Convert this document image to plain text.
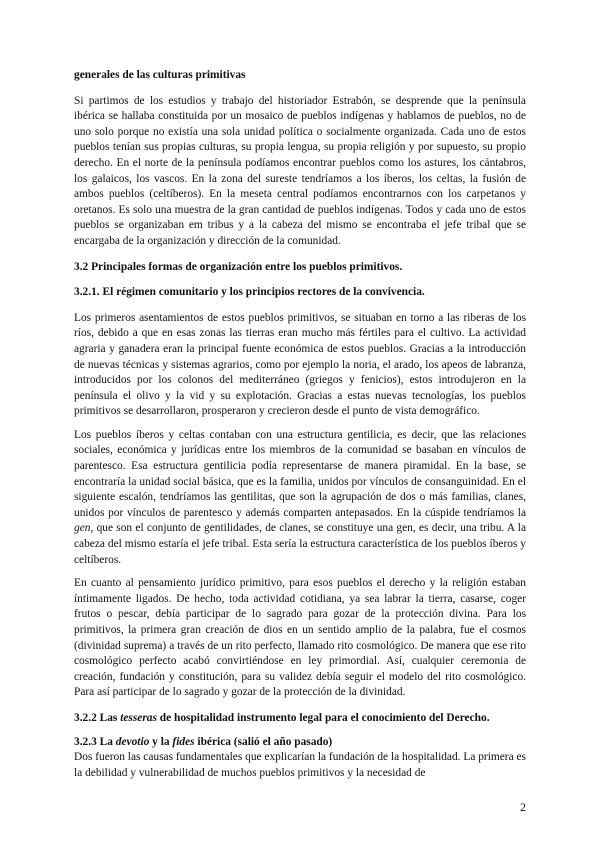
generales de las culturas primitivas

Si partimos de los estudios y trabajo del historiador Estrabón, se desprende que la península ibérica se hallaba constituida por un mosaico de pueblos indígenas y hablamos de pueblos, no de uno solo porque no existía una sola unidad política o socialmente organizada. Cada uno de estos pueblos tenían sus propias culturas, su propia lengua, su propia religión y por supuesto, su propio derecho. En el norte de la península podíamos encontrar pueblos como los astures, los cántabros, los galaicos, los vascos. En la zona del sureste tendríamos a los íberos, los celtas, la fusión de ambos pueblos (celtíberos). En la meseta central podíamos encontrarnos con los carpetanos y oretanos. Es solo una muestra de la gran cantidad de pueblos indígenas. Todos y cada uno de estos pueblos se organizaban em tribus y a la cabeza del mismo se encontraba el jefe tribal que se encargaba de la organización y dirección de la comunidad.

3.2 Principales formas de organización entre los pueblos primitivos.

3.2.1. El régimen comunitario y los principios rectores de la convivencia.

Los primeros asentamientos de estos pueblos primitivos, se situaban en torno a las riberas de los ríos, debido a que en esas zonas las tierras eran mucho más fértiles para el cultivo. La actividad agraria y ganadera eran la principal fuente económica de estos pueblos. Gracias a la introducción de nuevas técnicas y sistemas agrarios, como por ejemplo la noria, el arado, los apeos de labranza, introducidos por los colonos del mediterráneo (griegos y fenicios), estos introdujeron en la península el olivo y la vid y su explotación. Gracias a estas nuevas tecnologías, los pueblos primitivos se desarrollaron, prosperaron y crecieron desde el punto de vista demográfico.

Los pueblos íberos y celtas contaban con una estructura gentilicia, es decir, que las relaciones sociales, económica y jurídicas entre los miembros de la comunidad se basaban en vínculos de parentesco. Esa estructura gentilicia podía representarse de manera piramidal. En la base, se encontraría la unidad social básica, que es la familia, unidos por vínculos de consanguinidad. En el siguiente escalón, tendríamos las gentilitas, que son la agrupación de dos o más familias, clanes, unidos por vínculos de parentesco y además comparten antepasados. En la cúspide tendríamos la gen, que son el conjunto de gentilidades, de clanes, se constituye una gen, es decir, una tribu. A la cabeza del mismo estaría el jefe tribal. Esta sería la estructura característica de los pueblos íberos y celtíberos.

En cuanto al pensamiento jurídico primitivo, para esos pueblos el derecho y la religión estaban íntimamente ligados. De hecho, toda actividad cotidiana, ya sea labrar la tierra, casarse, coger frutos o pescar, debía participar de lo sagrado para gozar de la protección divina. Para los primitivos, la primera gran creación de dios en un sentido amplio de la palabra, fue el cosmos (divinidad suprema) a través de un rito perfecto, llamado rito cosmológico. De manera que ese rito cosmológico perfecto acabó convirtiéndose en ley primordial. Así, cualquier ceremonia de creación, fundación y constitución, para su validez debía seguir el modelo del rito cosmológico. Para así participar de lo sagrado y gozar de la protección de la divinidad.

3.2.2 Las tesseras de hospitalidad instrumento legal para el conocimiento del Derecho.

3.2.3 La devotio y la fides ibérica (salió el año pasado)

Dos fueron las causas fundamentales que explicarían la fundación de la hospitalidad. La primera es la debilidad y vulnerabilidad de muchos pueblos primitivos y la necesidad de

2
